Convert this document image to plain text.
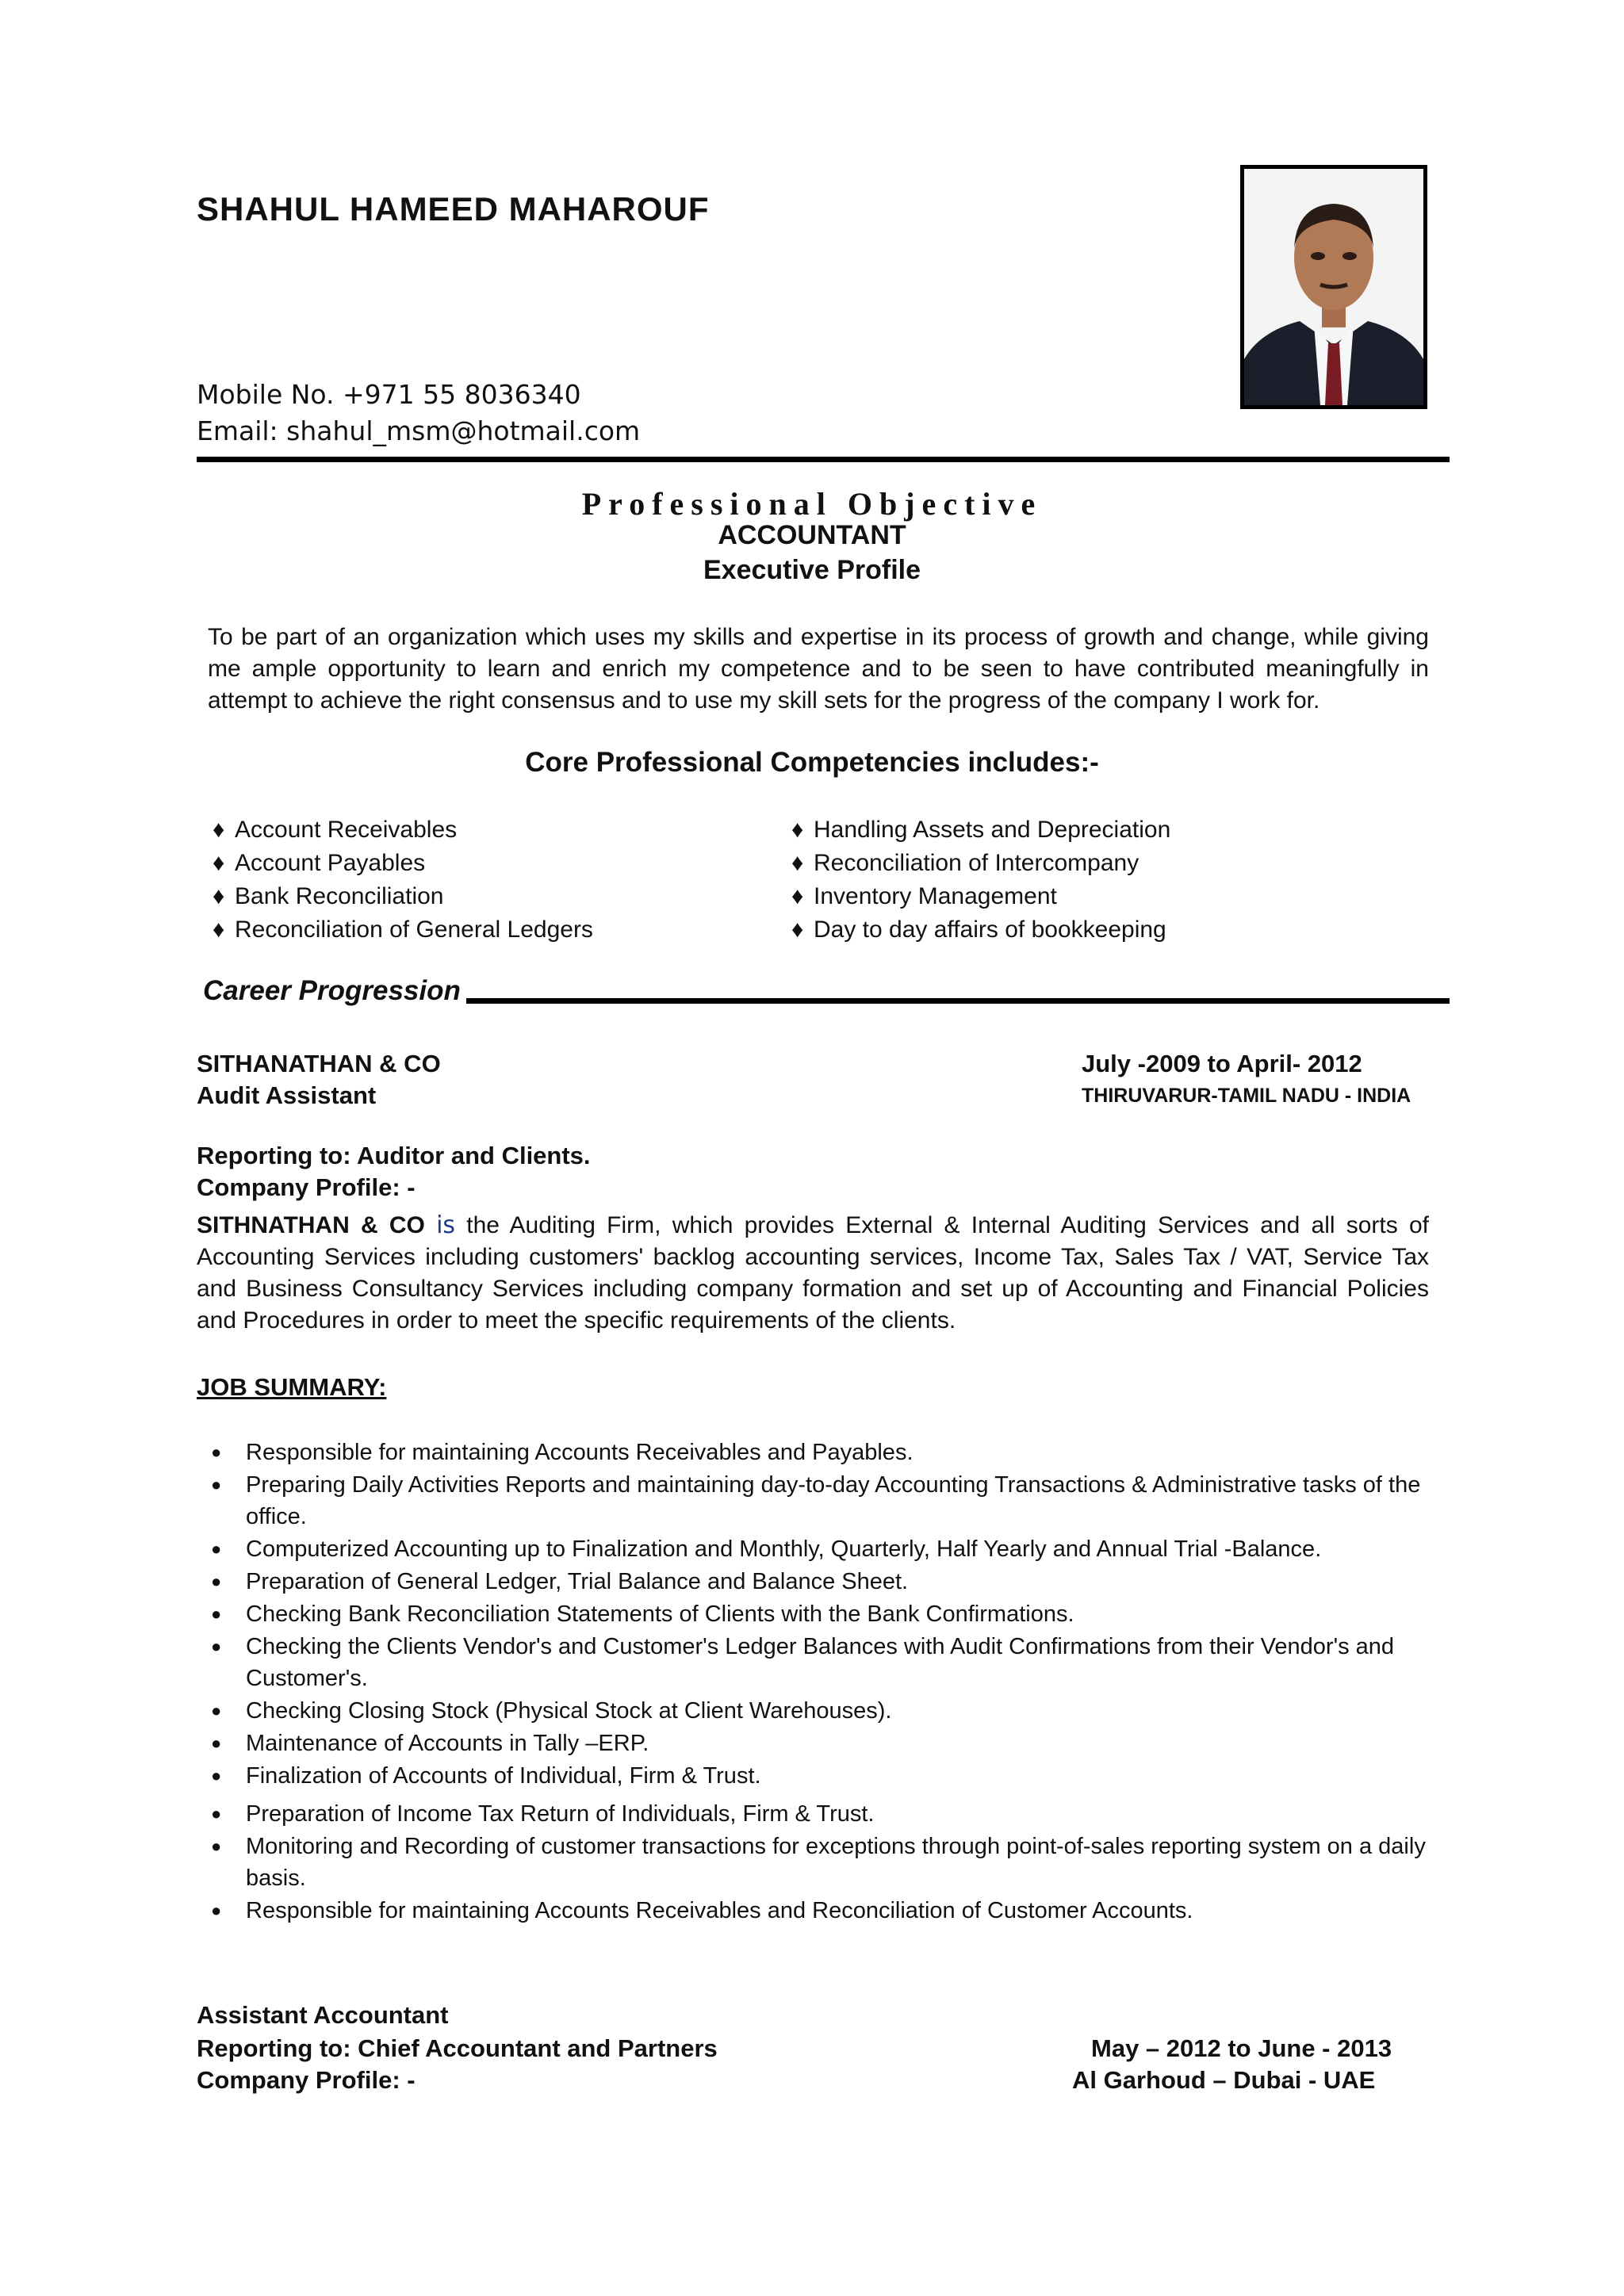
SHAHUL HAMEED MAHAROUF
Mobile No. +971 55 8036340
Email: shahul_msm@hotmail.com
Professional Objective
ACCOUNTANT
Executive Profile
To be part of an organization which uses my skills and expertise in its process of growth and change, while giving me ample opportunity to learn and enrich my competence and to be seen to have contributed meaningfully in attempt to achieve the right consensus and to use my skill sets for the progress of the company I work for.
Core Professional Competencies includes:-
♦ Account Receivables
♦ Account Payables
♦ Bank Reconciliation
♦ Reconciliation of General Ledgers
♦ Handling Assets and Depreciation
♦ Reconciliation of Intercompany
♦ Inventory Management
♦ Day to day affairs of bookkeeping
Career Progression
SITHANATHAN & CO	July -2009 to April- 2012
Audit Assistant	THIRUVARUR-TAMIL NADU - INDIA
Reporting to: Auditor and Clients.
Company Profile: -
SITHNATHAN & CO is the Auditing Firm, which provides External & Internal Auditing Services and all sorts of Accounting Services including customers' backlog accounting services, Income Tax, Sales Tax / VAT, Service Tax and Business Consultancy Services including company formation and set up of Accounting and Financial Policies and Procedures in order to meet the specific requirements of the clients.
JOB SUMMARY:
● Responsible for maintaining Accounts Receivables and Payables.
● Preparing Daily Activities Reports and maintaining day-to-day Accounting Transactions & Administrative tasks of the office.
● Computerized Accounting up to Finalization and Monthly, Quarterly, Half Yearly and Annual Trial -Balance.
● Preparation of General Ledger, Trial Balance and Balance Sheet.
● Checking Bank Reconciliation Statements of Clients with the Bank Confirmations.
● Checking the Clients Vendor's and Customer's Ledger Balances with Audit Confirmations from their Vendor's and Customer's.
● Checking Closing Stock (Physical Stock at Client Warehouses).
● Maintenance of Accounts in Tally –ERP.
● Finalization of Accounts of Individual, Firm & Trust.
● Preparation of Income Tax Return of Individuals, Firm & Trust.
● Monitoring and Recording of customer transactions for exceptions through point-of-sales reporting system on a daily basis.
● Responsible for maintaining Accounts Receivables and Reconciliation of Customer Accounts.
Assistant Accountant
Reporting to: Chief Accountant and Partners	May – 2012 to June - 2013
Company Profile: -	Al Garhoud – Dubai - UAE
